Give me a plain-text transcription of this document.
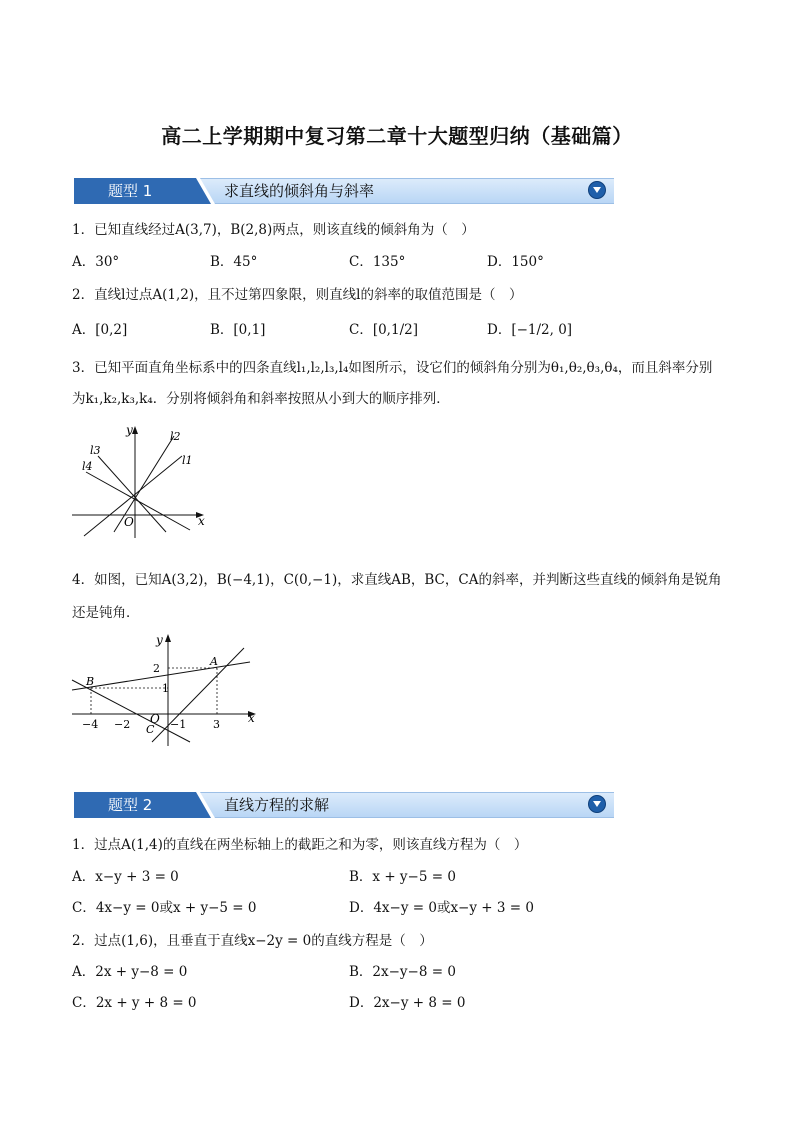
高二上学期期中复习第二章十大题型归纳（基础篇）
题型 1	求直线的倾斜角与斜率
1．已知直线经过A(3,7)，B(2,8)两点，则该直线的倾斜角为（　）
A．30°	B．45°	C．135°	D．150°
2．直线l过点A(1,2)，且不过第四象限，则直线l的斜率的取值范围是（　）
A．[0,2]	B．[0,1]	C．[0,1/2]	D．[−1/2, 0]
3．已知平面直角坐标系中的四条直线l₁,l₂,l₃,l₄如图所示，设它们的倾斜角分别为θ₁,θ₂,θ₃,θ₄，而且斜率分别
为k₁,k₂,k₃,k₄．分别将倾斜角和斜率按照从小到大的顺序排列．
y
x
O
l1
l2
l3
l4
4．如图，已知A(3,2)，B(−4,1)，C(0,−1)，求直线AB，BC，CA的斜率，并判断这些直线的倾斜角是锐角
还是钝角．
y
x
O
A
B
C
2
1
−1
−4 −2	3
题型 2	直线方程的求解
1．过点A(1,4)的直线在两坐标轴上的截距之和为零，则该直线方程为（　）
A．x−y + 3 = 0	B．x + y−5 = 0
C．4x−y = 0或x + y−5 = 0	D．4x−y = 0或x−y + 3 = 0
2．过点(1,6)，且垂直于直线x−2y = 0的直线方程是（　）
A．2x + y−8 = 0	B．2x−y−8 = 0
C．2x + y + 8 = 0	D．2x−y + 8 = 0
